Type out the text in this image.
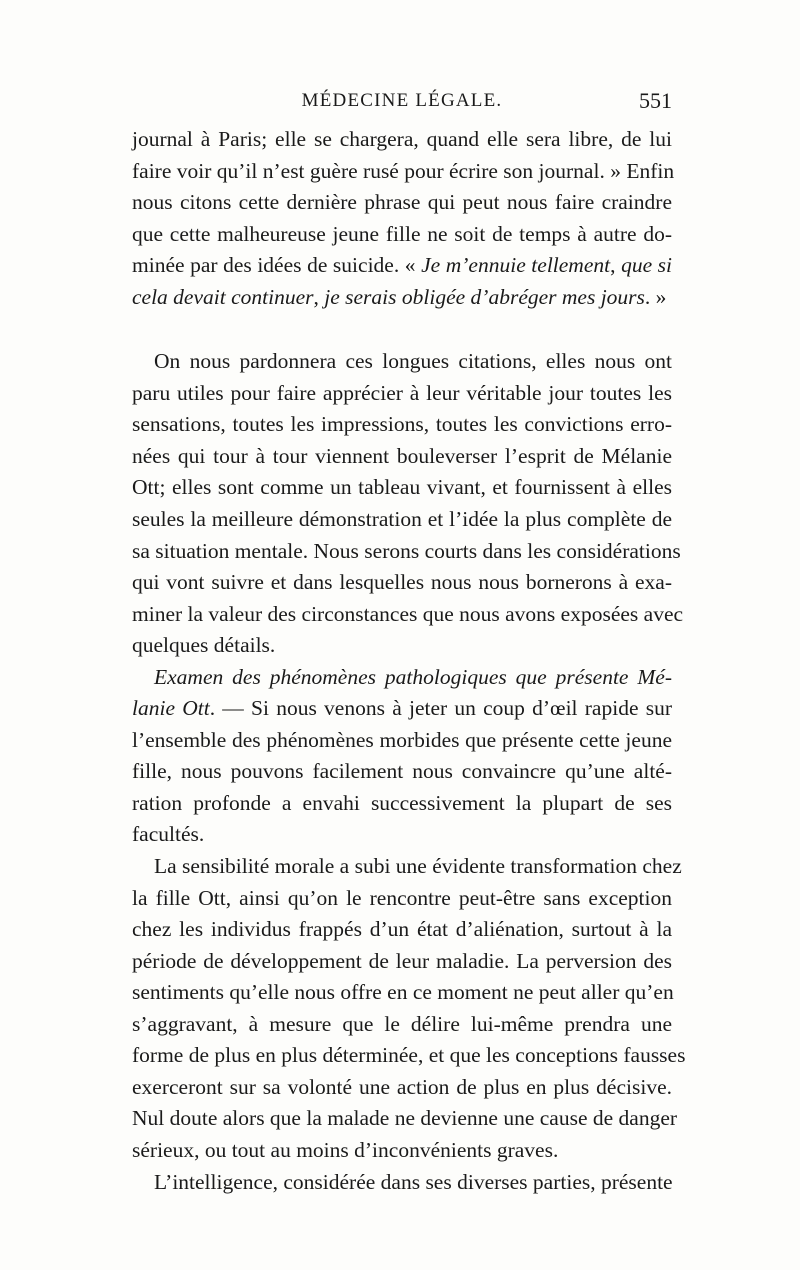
MÉDECINE LÉGALE.	551
journal à Paris; elle se chargera, quand elle sera libre, de lui
faire voir qu’il n’est guère rusé pour écrire son journal. » Enfin
nous citons cette dernière phrase qui peut nous faire craindre
que cette malheureuse jeune fille ne soit de temps à autre do-
minée par des idées de suicide. « Je m’ennuie tellement, que si
cela devait continuer, je serais obligée d’abréger mes jours. »
On nous pardonnera ces longues citations, elles nous ont
paru utiles pour faire apprécier à leur véritable jour toutes les
sensations, toutes les impressions, toutes les convictions erro-
nées qui tour à tour viennent bouleverser l’esprit de Mélanie
Ott; elles sont comme un tableau vivant, et fournissent à elles
seules la meilleure démonstration et l’idée la plus complète de
sa situation mentale. Nous serons courts dans les considérations
qui vont suivre et dans lesquelles nous nous bornerons à exa-
miner la valeur des circonstances que nous avons exposées avec
quelques détails.
Examen des phénomènes pathologiques que présente Mé-
lanie Ott. — Si nous venons à jeter un coup d’œil rapide sur
l’ensemble des phénomènes morbides que présente cette jeune
fille, nous pouvons facilement nous convaincre qu’une alté-
ration profonde a envahi successivement la plupart de ses
facultés.
La sensibilité morale a subi une évidente transformation chez
la fille Ott, ainsi qu’on le rencontre peut-être sans exception
chez les individus frappés d’un état d’aliénation, surtout à la
période de développement de leur maladie. La perversion des
sentiments qu’elle nous offre en ce moment ne peut aller qu’en
s’aggravant, à mesure que le délire lui-même prendra une
forme de plus en plus déterminée, et que les conceptions fausses
exerceront sur sa volonté une action de plus en plus décisive.
Nul doute alors que la malade ne devienne une cause de danger
sérieux, ou tout au moins d’inconvénients graves.
L’intelligence, considérée dans ses diverses parties, présente
